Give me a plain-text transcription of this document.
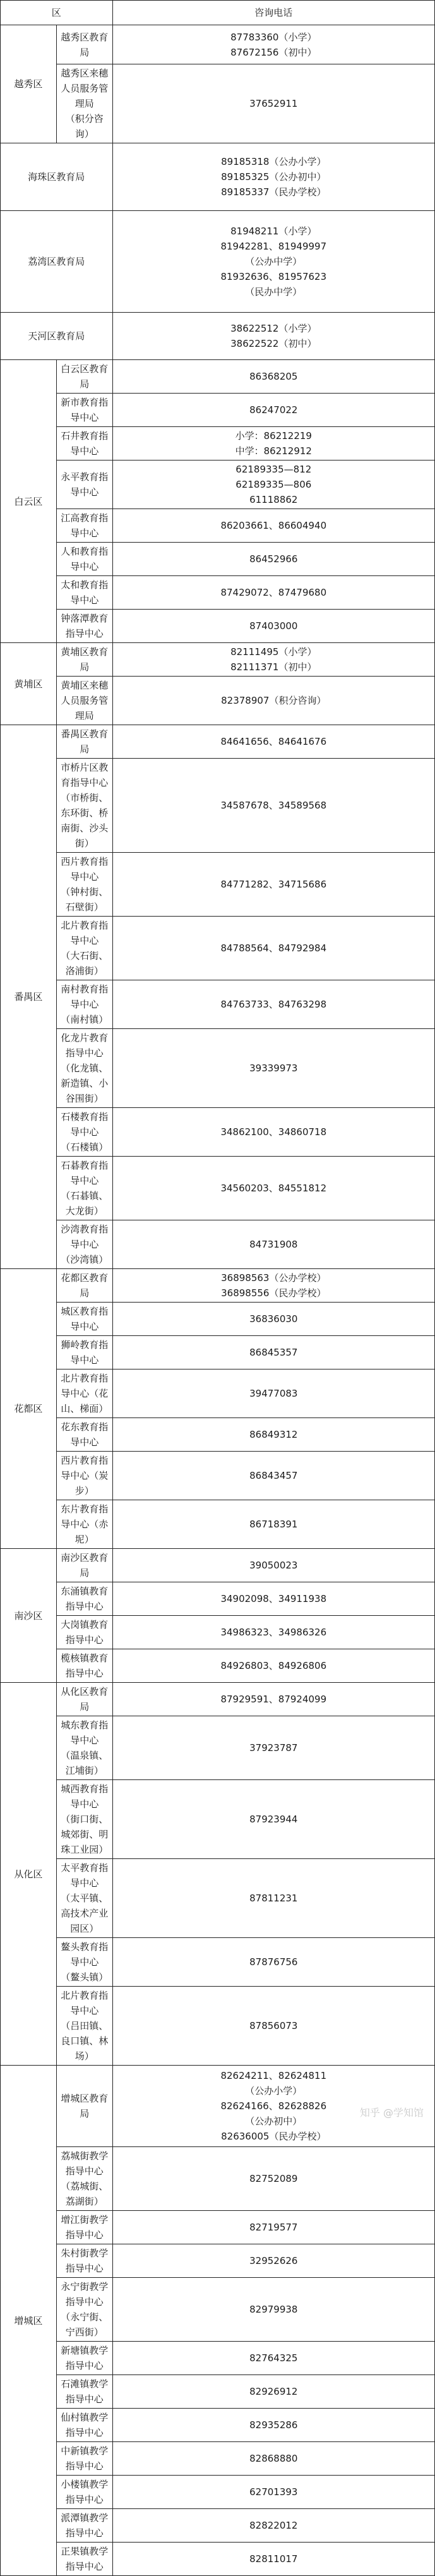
区		咨询电话
越秀区	越秀区教育局	87783360（小学）
87672156（初中）

	越秀区来穗人员服务管理局
（积分咨询）	37652911

海珠区教育局		89185318（公办小学）
89185325（公办初中）
89185337（民办学校）

荔湾区教育局		81948211（小学）
81942281、81949997
（公办中学）
81932636、81957623
（民办中学）

天河区教育局		38622512（小学）
38622522（初中）

白云区	白云区教育局	86368205

	新市教育指导中心	86247022

	石井教育指导中心	小学：86212219
中学：86212912

	永平教育指导中心	62189335—812
62189335—806
61118862

	江高教育指导中心	86203661、86604940

	人和教育指导中心	86452966

	太和教育指导中心	87429072、87479680

	钟落潭教育指导中心	87403000

黄埔区	黄埔区教育局	82111495（小学）
82111371（初中）

	黄埔区来穗人员服务管理局	82378907（积分咨询）

番禺区	番禺区教育局	84641656、84641676

	市桥片区教育指导中心
（市桥街、东环街、桥南街、沙头街）	34587678、34589568

	西片教育指导中心
（钟村街、石壁街）	84771282、34715686

	北片教育指导中心
（大石街、洛浦街）	84788564、84792984

	南村教育指导中心
（南村镇）	84763733、84763298

	化龙片教育指导中心
（化龙镇、新造镇、小谷围街）	39339973

	石楼教育指导中心
（石楼镇）	34862100、34860718

	石碁教育指导中心
（石碁镇、大龙街）	34560203、84551812

	沙湾教育指导中心
（沙湾镇）	84731908

花都区	花都区教育局	36898563（公办学校）
36898556（民办学校）

	城区教育指导中心	36836030

	狮岭教育指导中心	86845357

	北片教育指导中心（花山、梯面）	39477083

	花东教育指导中心	86849312

	西片教育指导中心（炭步）	86843457

	东片教育指导中心（赤坭）	86718391

南沙区	南沙区教育局	39050023

	东涌镇教育指导中心	34902098、34911938

	大岗镇教育指导中心	34986323、34986326

	榄核镇教育指导中心	84926803、84926806

从化区	从化区教育局	87929591、87924099

	城东教育指导中心
（温泉镇、江埔街）	37923787

	城西教育指导中心
（街口街、城郊街、明珠工业园）	87923944

	太平教育指导中心
（太平镇、高技术产业园区）	87811231

	鳌头教育指导中心
（鳌头镇）	87876756

	北片教育指导中心
（吕田镇、良口镇、林场）	87856073

增城区	增城区教育局	82624211、82624811
（公办小学）
82624166、82628826
（公办初中）
82636005（民办学校）

	荔城街教学指导中心
（荔城街、荔湖街）	82752089

	增江街教学指导中心	82719577

	朱村街教学指导中心	32952626

	永宁街教学指导中心
（永宁街、宁西街）	82979938

	新塘镇教学指导中心	82764325

	石滩镇教学指导中心	82926912

	仙村镇教学指导中心	82935286

	中新镇教学指导中心	82868880

	小楼镇教学指导中心	62701393

	派潭镇教学指导中心	82822012

	正果镇教学指导中心	82811017
知乎 @学知馆
